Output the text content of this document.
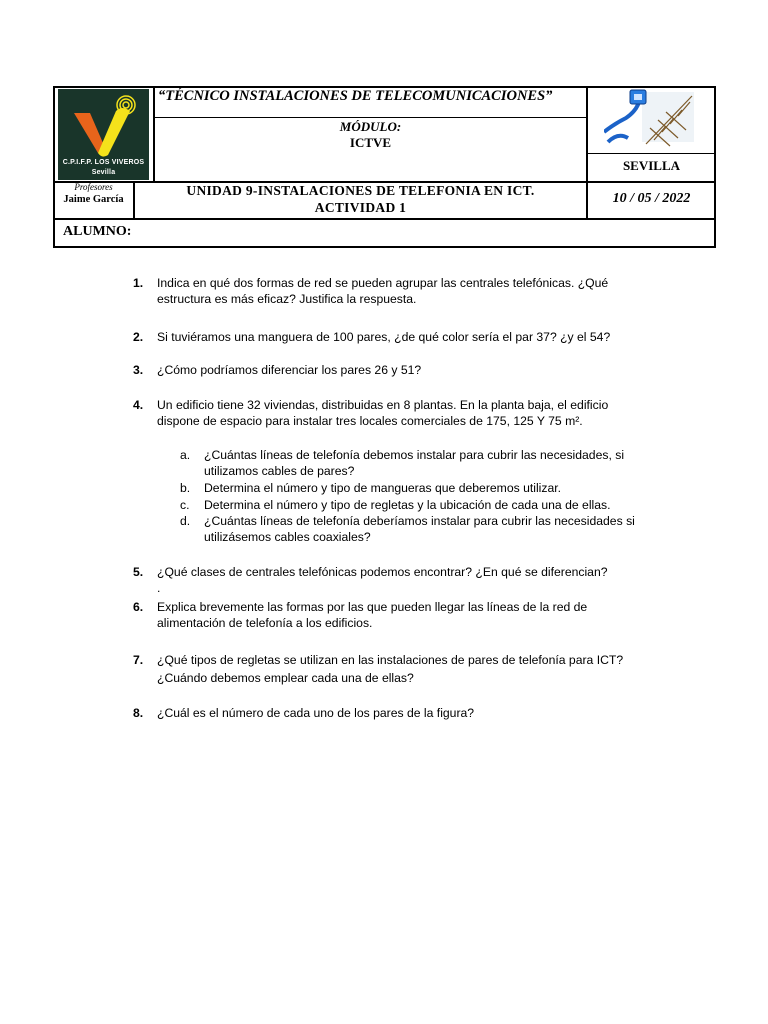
C.P.I.F.P. LOS VIVEROS
Sevilla
“TÉCNICO INSTALACIONES DE TELECOMUNICACIONES”
MÓDULO:
ICTVE
SEVILLA
Profesores
Jaime García
UNIDAD 9-INSTALACIONES DE TELEFONIA EN ICT.
ACTIVIDAD 1
10 / 05 / 2022
ALUMNO:
1.	Indica en qué dos formas de red se pueden agrupar las centrales telefónicas. ¿Qué
estructura es más eficaz? Justifica la respuesta.
2.	Si tuviéramos una manguera de 100 pares, ¿de qué color sería el par 37? ¿y el 54?
3.	¿Cómo podríamos diferenciar los pares 26 y 51?
4.	Un edificio tiene 32 viviendas, distribuidas en 8 plantas. En la planta baja, el edificio
dispone de espacio para instalar tres locales comerciales de 175, 125 Y 75 m².
a.	¿Cuántas líneas de telefonía debemos instalar para cubrir las necesidades, si
utilizamos cables de pares?
b.	Determina el número y tipo de mangueras que deberemos utilizar.
c.	Determina el número y tipo de regletas y la ubicación de cada una de ellas.
d.	¿Cuántas líneas de telefonía deberíamos instalar para cubrir las necesidades si
utilizásemos cables coaxiales?
5.	¿Qué clases de centrales telefónicas podemos encontrar? ¿En qué se diferencian?
.
6.	Explica brevemente las formas por las que pueden llegar las líneas de la red de
alimentación de telefonía a los edificios.
7.	¿Qué tipos de regletas se utilizan en las instalaciones de pares de telefonía para ICT?
¿Cuándo debemos emplear cada una de ellas?
8.	¿Cuál es el número de cada uno de los pares de la figura?
